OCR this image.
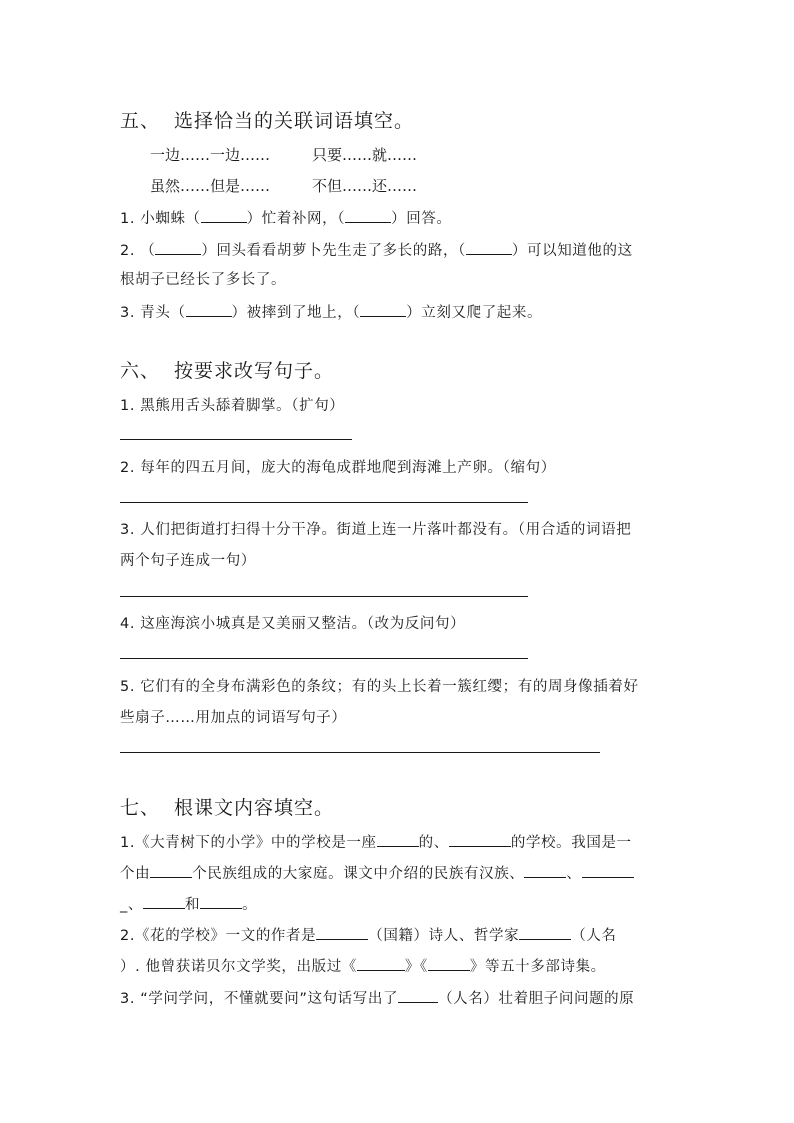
五、 选择恰当的关联词语填空。
一边……一边……	只要……就……
虽然……但是……	不但……还……
1. 小蜘蛛（	）忙着补网，（	）回答。
2. （	）回头看看胡萝卜先生走了多长的路，（	）可以知道他的这
根胡子已经长了多长了。
3. 青头（	）被摔到了地上，（	）立刻又爬了起来。
六、 按要求改写句子。
1. 黑熊用舌头舔着脚掌。（扩句）
2. 每年的四五月间，庞大的海龟成群地爬到海滩上产卵。（缩句）
3. 人们把街道打扫得十分干净。街道上连一片落叶都没有。（用合适的词语把
两个句子连成一句）
4. 这座海滨小城真是又美丽又整洁。（改为反问句）
5. 它们有的全身布满彩色的条纹；有的头上长着一簇红缨；有的周身像插着好
些扇子……用加点的词语写句子）
七、 根课文内容填空。
1.《大青树下的小学》中的学校是一座	的、	的学校。我国是一
个由	个民族组成的大家庭。课文中介绍的民族有汉族、	、
_、	和	。
2.《花的学校》一文的作者是	（国籍）诗人、哲学家	（人名
）. 他曾获诺贝尔文学奖，出版过《	》《	》等五十多部诗集。
3. “学问学问，不懂就要问”这句话写出了	（人名）壮着胆子问问题的原
